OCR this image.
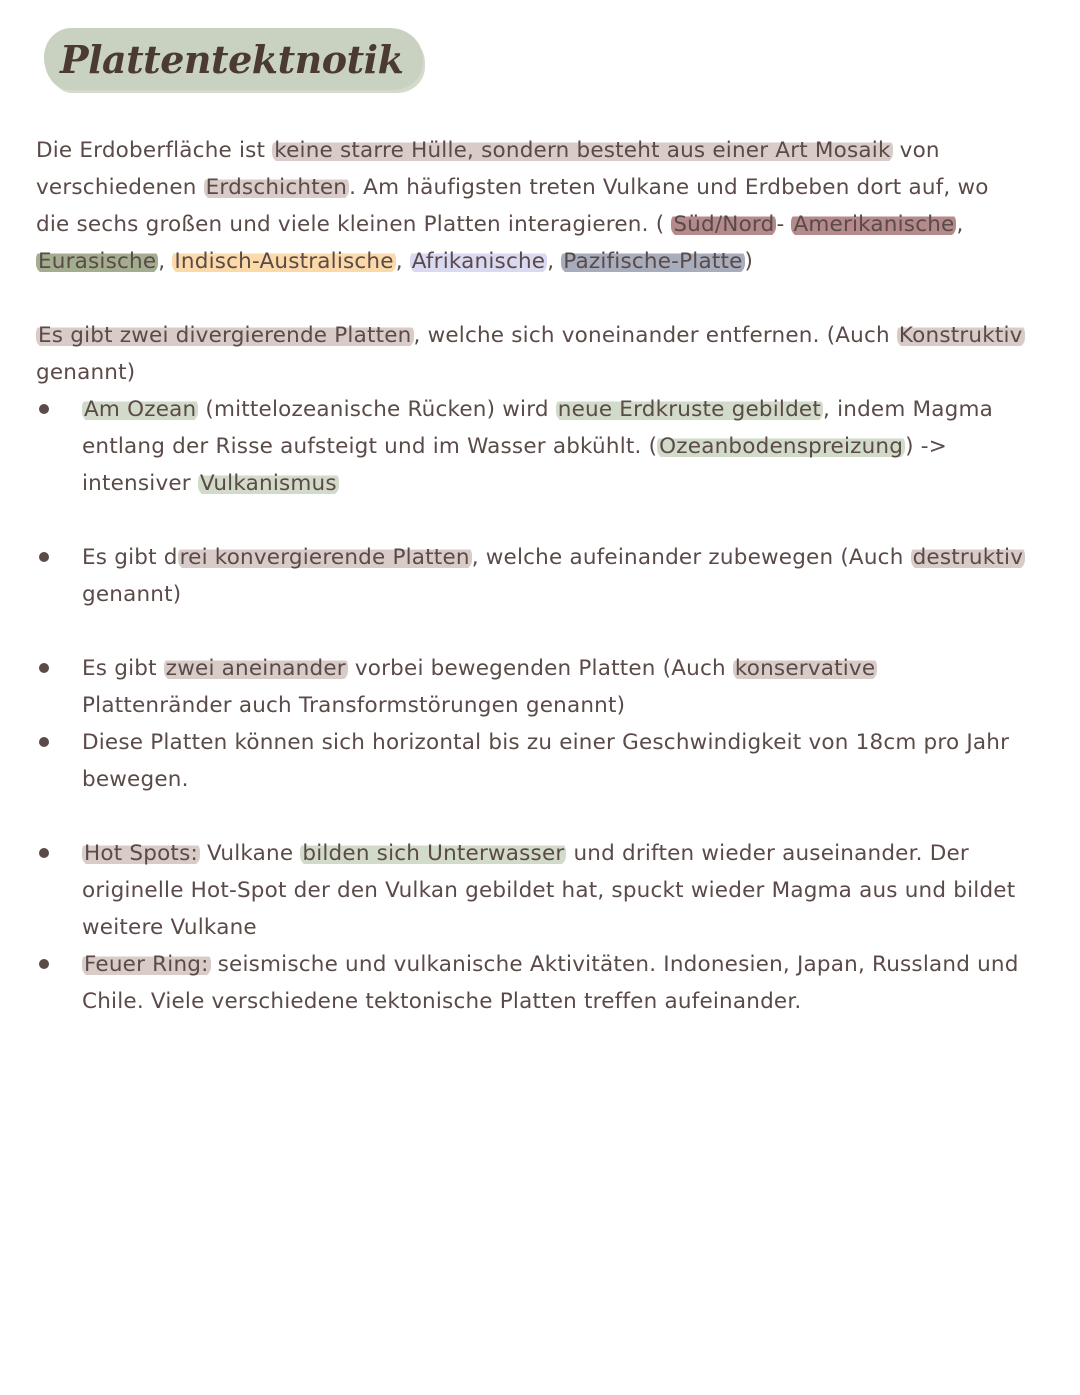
Plattentektnotik

Die Erdoberfläche ist keine starre Hülle, sondern besteht aus einer Art Mosaik von verschiedenen Erdschichten. Am häufigsten treten Vulkane und Erdbeben dort auf, wo die sechs großen und viele kleinen Platten interagieren. ( Süd/Nord- Amerikanische, Eurasische, Indisch-Australische, Afrikanische, Pazifische-Platte)

Es gibt zwei divergierende Platten, welche sich voneinander entfernen. (Auch Konstruktiv genannt)

Am Ozean (mittelozeanische Rücken) wird neue Erdkruste gebildet, indem Magma entlang der Risse aufsteigt und im Wasser abkühlt. (Ozeanbodenspreizung) -> intensiver Vulkanismus
Es gibt drei konvergierende Platten, welche aufeinander zubewegen (Auch destruktiv genannt)
Es gibt zwei aneinander vorbei bewegenden Platten (Auch konservative Plattenränder auch Transformstörungen genannt)
Diese Platten können sich horizontal bis zu einer Geschwindigkeit von 18cm pro Jahr bewegen.
Hot Spots: Vulkane bilden sich Unterwasser und driften wieder auseinander. Der originelle Hot-Spot der den Vulkan gebildet hat, spuckt wieder Magma aus und bildet weitere Vulkane
Feuer Ring: seismische und vulkanische Aktivitäten. Indonesien, Japan, Russland und Chile. Viele verschiedene tektonische Platten treffen aufeinander.
